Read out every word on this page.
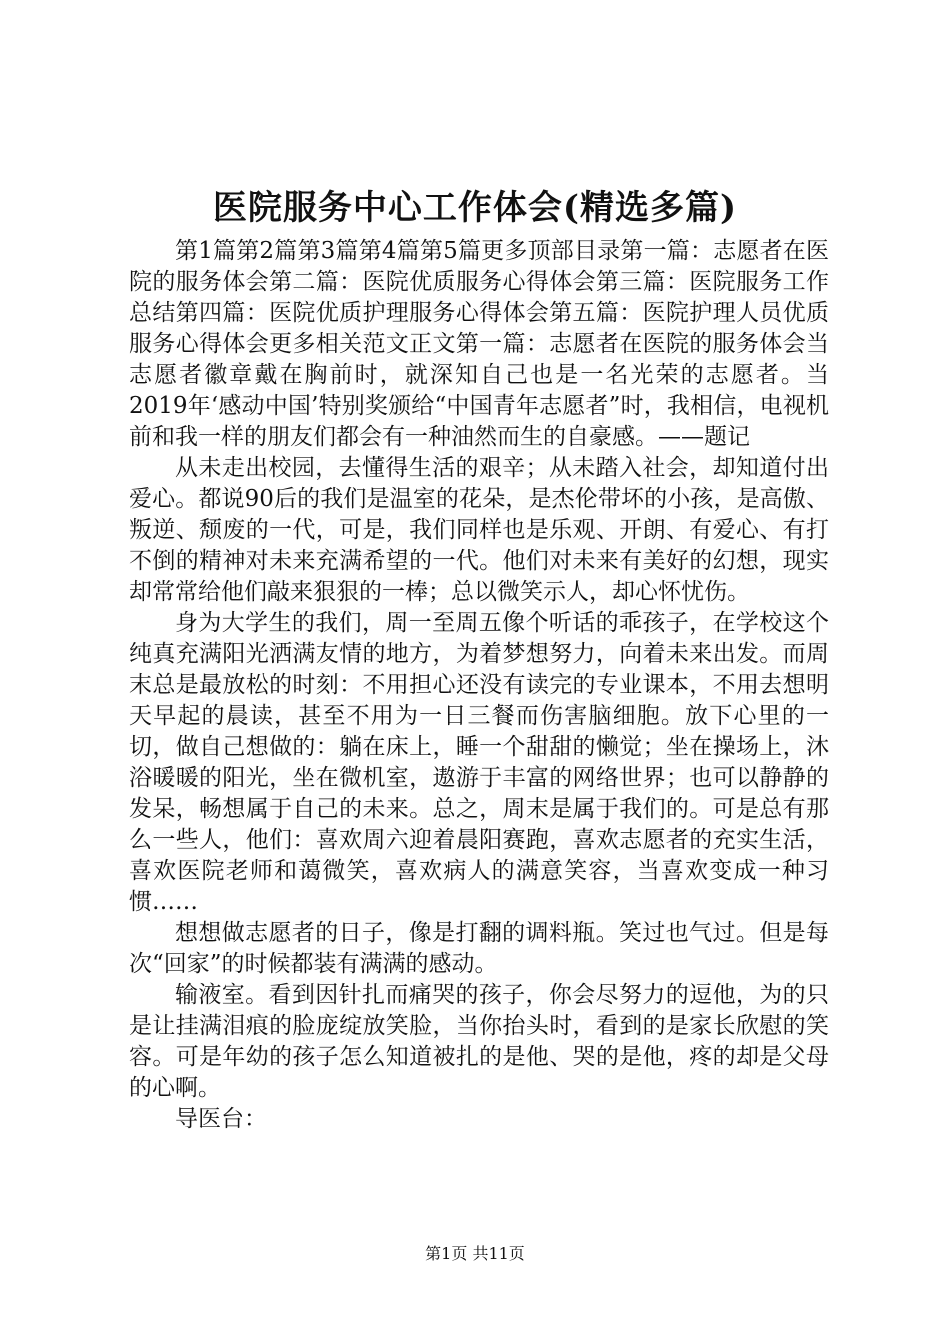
医院服务中心工作体会(精选多篇)

第1篇第2篇第3篇第4篇第5篇更多顶部目录第一篇：志愿者在医院的服务体会第二篇：医院优质服务心得体会第三篇：医院服务工作总结第四篇：医院优质护理服务心得体会第五篇：医院护理人员优质服务心得体会更多相关范文正文第一篇：志愿者在医院的服务体会当志愿者徽章戴在胸前时，就深知自己也是一名光荣的志愿者。当2019年‘感动中国’特别奖颁给“中国青年志愿者”时，我相信，电视机前和我一样的朋友们都会有一种油然而生的自豪感。——题记

从未走出校园，去懂得生活的艰辛；从未踏入社会，却知道付出爱心。都说90后的我们是温室的花朵，是杰伦带坏的小孩，是高傲、叛逆、颓废的一代，可是，我们同样也是乐观、开朗、有爱心、有打不倒的精神对未来充满希望的一代。他们对未来有美好的幻想，现实却常常给他们敲来狠狠的一棒；总以微笑示人，却心怀忧伤。

身为大学生的我们，周一至周五像个听话的乖孩子，在学校这个纯真充满阳光洒满友情的地方，为着梦想努力，向着未来出发。而周末总是最放松的时刻：不用担心还没有读完的专业课本，不用去想明天早起的晨读，甚至不用为一日三餐而伤害脑细胞。放下心里的一切，做自己想做的：躺在床上，睡一个甜甜的懒觉；坐在操场上，沐浴暖暖的阳光，坐在微机室，遨游于丰富的网络世界；也可以静静的发呆，畅想属于自己的未来。总之，周末是属于我们的。可是总有那么一些人，他们：喜欢周六迎着晨阳赛跑，喜欢志愿者的充实生活，喜欢医院老师和蔼微笑，喜欢病人的满意笑容，当喜欢变成一种习惯……

想想做志愿者的日子，像是打翻的调料瓶。笑过也气过。但是每次“回家”的时候都装有满满的感动。

输液室。看到因针扎而痛哭的孩子，你会尽努力的逗他，为的只是让挂满泪痕的脸庞绽放笑脸，当你抬头时，看到的是家长欣慰的笑容。可是年幼的孩子怎么知道被扎的是他、哭的是他，疼的却是父母的心啊。

导医台：

第1页 共11页
